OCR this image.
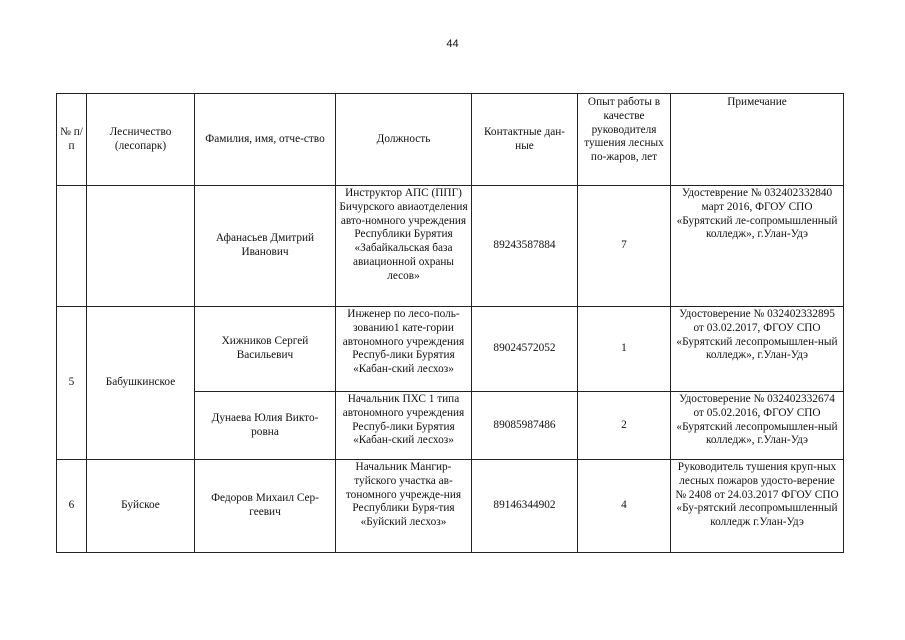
44
№ п/п	Лесничество (лесопарк)	Фамилия, имя, отче-ство	Должность	Контактные дан-ные	Опыт работы в качестве руководителя тушения лесных по-жаров, лет	Примечание
		Афанасьев Дмитрий Иванович	Инструктор АПС (ППГ) Бичурского авиаотделения авто-номного учреждения Республики Бурятия «Забайкальская база авиационной охраны лесов»	89243587884	7	Удостеврение № 032402332840 март 2016, ФГОУ СПО «Бурятский ле-сопромышленный колледж», г.Улан-Удэ
5	Бабушкинское	Хижников Сергей Васильевич	Инженер по лесо-поль-зованию1 кате-гории автономного учреждения Респуб-лики Бурятия «Кабан-ский лесхоз»	89024572052	1	Удостоверение № 032402332895 от 03.02.2017, ФГОУ СПО «Бурятский лесопромышлен-ный колледж», г.Улан-Удэ
		Дунаева Юлия Викто-ровна	Начальник ПХС 1 типа автономного учреждения Респуб-лики Бурятия «Кабан-ский лесхоз»	89085987486	2	Удостоверение № 032402332674 от 05.02.2016, ФГОУ СПО «Бурятский лесопромышлен-ный колледж», г.Улан-Удэ
6	Буйское	Федоров Михаил Сер-геевич	Начальник Мангир-туйского участка ав-тономного учрежде-ния Республики Буря-тия «Буйский лесхоз»	89146344902	4	Руководитель тушения круп-ных лесных пожаров удосто-верение № 2408 от 24.03.2017 ФГОУ СПО «Бу-рятский лесопромышленный колледж г.Улан-Удэ
